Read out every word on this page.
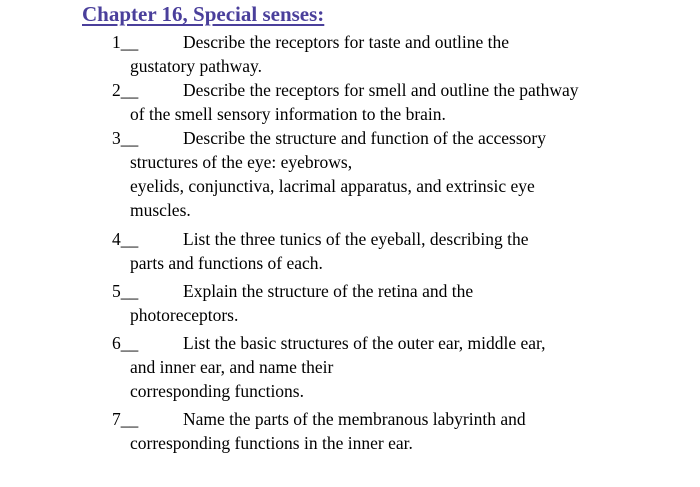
Chapter 16, Special senses:
1__	Describe the receptors for taste and outline the
gustatory pathway.
2__	Describe the receptors for smell and outline the pathway
of the smell sensory information to the brain.
3__	Describe the structure and function of the accessory
structures of the eye: eyebrows,
eyelids, conjunctiva, lacrimal apparatus, and extrinsic eye
muscles.
4__	List the three tunics of the eyeball, describing the
parts and functions of each.
5__	Explain the structure of the retina and the
photoreceptors.
6__	List the basic structures of the outer ear, middle ear,
and inner ear, and name their
corresponding functions.
7__	Name the parts of the membranous labyrinth and
corresponding functions in the inner ear.
